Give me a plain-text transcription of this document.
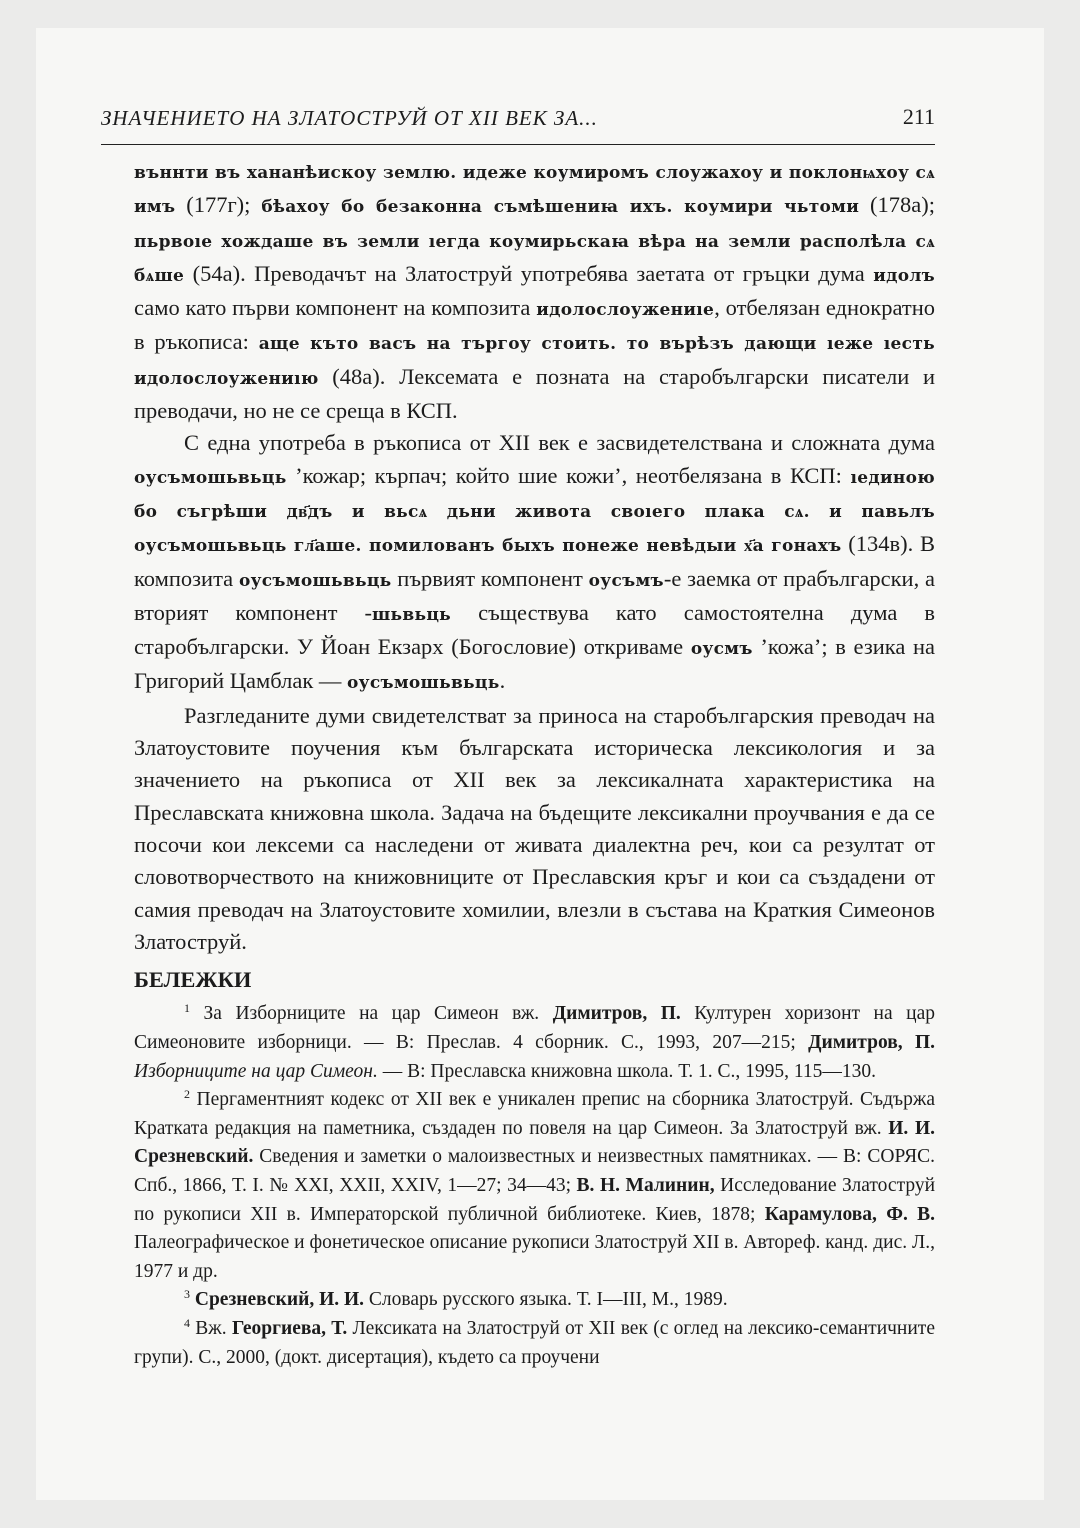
ЗНАЧЕНИЕТО НА ЗЛАТОСТРУЙ ОТ XII ВЕК ЗА...	211

въннти въ хананѣискоу землю. идеже коумиромъ слоужахоу и поклонѩхоу сѧ имъ (177г); бѣахоу бо безаконна съмѣшениꙗ ихъ. коумири чьтоми (178а); пьрвоıе хождаше въ земли ıегда коумирьскаꙗ вѣра на земли располѣла сѧ бѧше (54а). Преводачът на Златоструй употребява заетата от гръцки дума идолъ само като първи компонент на композита идолослоужениıе, отбелязан еднократно в ръкописа: аще къто васъ на търгоу стоить. то върѣзъ дающи ıеже ıесть идолослоужениıю (48а). Лексемата е позната на старобългарски писатели и преводачи, но не се среща в КСП.

С една употреба в ръкописа от XII век е засвидетелствана и сложната дума оусъмошьвьць ’кожар; кърпач; който шие кожи’, неотбелязана в КСП: ıединою бо съгрѣши дв҃дъ и вьсѧ дьни живота своıего плака сѧ. и павьлъ оусъмошьвьць гл҃аше. помилованъ быхъ понеже невѣдыи х҃а гонахъ (134в). В композита оусъмошьвьць първият компонент оусъмъ-е заемка от прабългарски, а вторият компонент -шьвьць съществува като самостоятелна дума в старобългарски. У Йоан Екзарх (Богословие) откриваме оусмъ ’кожа’; в езика на Григорий Цамблак — оусъмошьвьць.

Разгледаните думи свидетелстват за приноса на старобългарския преводач на Златоустовите поучения към българската историческа лексикология и за значението на ръкописа от XII век за лексикалната характеристика на Преславската книжовна школа. Задача на бъдещите лексикални проучвания е да се посочи кои лексеми са наследени от живата диалектна реч, кои са резултат от словотворчеството на книжовниците от Преславския кръг и кои са създадени от самия преводач на Златоустовите хомилии, влезли в състава на Краткия Симеонов Златоструй.

БЕЛЕЖКИ

$^1$ За Изборниците на цар Симеон вж. Димитров, П. Културен хоризонт на цар Симеоновите изборници. — В: Преслав. 4 сборник. С., 1993, 207—215; Димитров, П. Изборниците на цар Симеон. — В: Преславска книжовна школа. Т. 1. С., 1995, 115—130.

$^2$ Пергаментният кодекс от XII век е уникален препис на сборника Златоструй. Съдържа Кратката редакция на паметника, създаден по повеля на цар Симеон. За Златоструй вж. И. И. Срезневский. Сведения и заметки о малоизвестных и неизвестных памятниках. — В: СОРЯС. Спб., 1866, Т. I. № XXI, XXII, XXIV, 1—27; 34—43; В. Н. Малинин, Исследование Златоструй по рукописи XII в. Императорской публичной библиотеке. Киев, 1878; Карамулова, Ф. В. Палеографическое и фонетическое описание рукописи Златоструй XII в. Автореф. канд. дис. Л., 1977 и др.

$^3$ Срезневский, И. И. Словарь русского языка. Т. I—III, М., 1989.

$^4$ Вж. Георгиева, Т. Лексиката на Златоструй от XII век (с оглед на лексико-семантичните групи). С., 2000, (докт. дисертация), където са проучени
